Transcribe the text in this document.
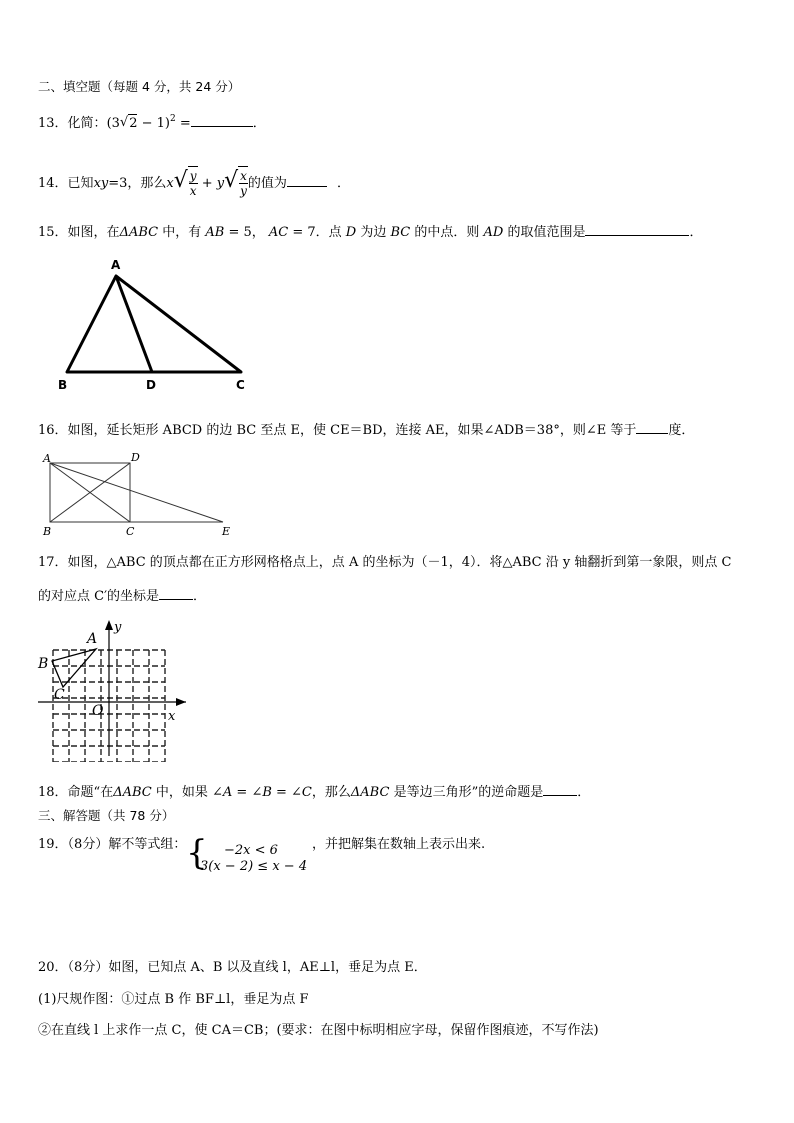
二、填空题（每题 4 分，共 24 分）
13．化简：(3 √ 2 − 1)$^2$ =	．
14．已知xy=3，那么x √ $\frac{y}{x} + y$ √ $\frac{x}{y}$ 的值为	．
15．如图，在ΔABC 中，有 AB = 5， AC = 7．点 D 为边 BC 的中点．则 AD 的取值范围是	．
A
B	D	C
16．如图，延长矩形 ABCD 的边 BC 至点 E，使 CE＝BD，连接 AE，如果∠ADB＝38°，则∠E 等于 度．
A	D
B	C	E
17．如图，△ABC 的顶点都在正方形网格格点上，点 A 的坐标为（－1，4）．将△ABC 沿 y 轴翻折到第一象限，则点 C
的对应点 C′的坐标是	．
A
B
C
O	x
y
18．命题“在ΔABC 中，如果 ∠A = ∠B = ∠C，那么ΔABC 是等边三角形”的逆命题是	．
三、解答题（共 78 分）
19．（8分）解不等式组： { −2x < 6
3(x − 2) ≤ x − 4
，并把解集在数轴上表示出来.
20．（8分）如图，已知点 A、B 以及直线 l，AE⊥l，垂足为点 E．
(1)尺规作图：①过点 B 作 BF⊥l，垂足为点 F
②在直线 l 上求作一点 C，使 CA＝CB；(要求：在图中标明相应字母，保留作图痕迹，不写作法)
